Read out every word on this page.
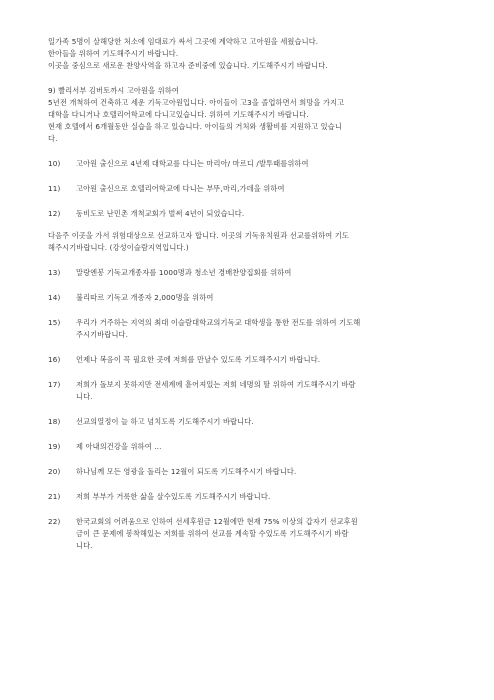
일가족 5명이 살해당한 처소에 임대료가 싸서 그곳에 계약하고 고아원을 세웠습니다.
한아들을 위하여 기도해주시기 바랍니다.
이곳을 중심으로 새로운 찬양사역을 하고자 준비중에 있습니다. 기도해주시기 바랍니다.
9) 빨리서부 김버토까시 고아원을 위하여
5년전 개척하여 건축하고 세운 기독고아원입니다. 아이들이 고3을 졸업하면서 희망을 가지고
대학을 다니거나 호텔리어학교에 다니고있습니다. 위하여 기도해주시기 바랍니다.
현재 호텔에서 6개월동안 실습을 하고 있습니다. 아이들의 거처와 생활비를 지원하고 있습니
다.
10)	고아원 출신으로 4년제 대학교를 다니는 마리아/ 마르디 /발투때를위하여
11)	고아원 출신으로 호텔리어학교에 다니는 부뚜,마리,가데을 위하여
12)	동비도로 난민촌 개척교회가 벌써 4년이 되었습니다.
다음주 이곳을 가서 위험대상으로 선교하고자 합니다. 이곳의 기독유치원과 선교를위하여 기도
해주시기바랍니다. (강성이슬람지역입니다.)
13)	말랑엔봉 기독교개종자를 1000명과 청소년 경배찬양집회를 위하여
14)	불리따르 기독교 개종자 2,000명을 위하여
15)	우리가 거주하는 지역의 최대 이슬람대학교의기독교 대학생을 통한 전도를 위하여 기도해
주시기바랍니다.
16)	언제나 복음이 꼭 필요한 곳에 저희를 만날수 있도록 기도해주시기 바랍니다.
17)	저희가 돌보지 못하지만 전세계에 흩어져있는 저희 네명의 딸 위하여 기도해주시기 바람
니다.
18)	선교의열정이 늘 하고 넘치도록 기도해주시기 바랍니다.
19)	제 아내의건강을 위하여 ...
20)	하나님께 모든 영광을 돌리는 12월이 되도록 기도해주시기 바랍니다.
21)	저희 부부가 거룩한 삶을 살수있도록 기도해주시기 바랍니다.
22)	한국교회의 어려움으로 인하여 선세후원금 12월에만 현재 75% 이상의 갑자기 선교후원
금이 큰 문제에 봉착해있는 저희를 위하여 선교를 계속할 수있도록 기도해주시기 바람
니다.
